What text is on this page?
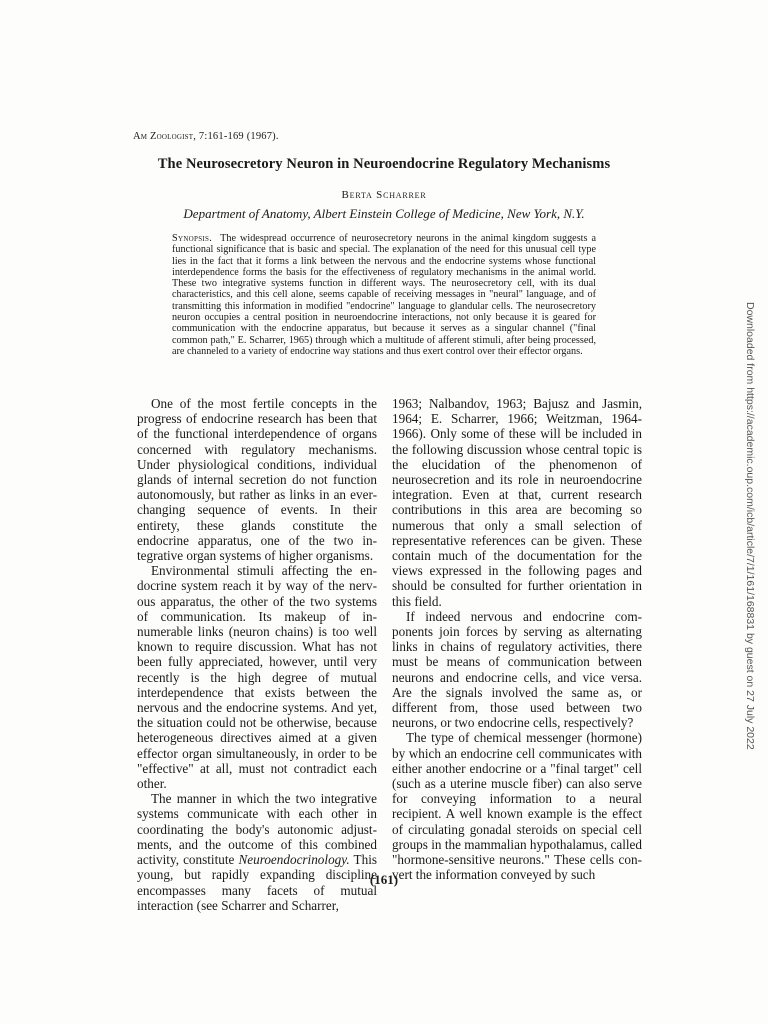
Am Zoologist, 7:161-169 (1967).
The Neurosecretory Neuron in Neuroendocrine Regulatory Mechanisms
Berta Scharrer
Department of Anatomy, Albert Einstein College of Medicine, New York, N.Y.
Synopsis. The widespread occurrence of neurosecretory neurons in the animal kingdom suggests a functional significance that is basic and special. The explanation of the need for this unusual cell type lies in the fact that it forms a link between the nervous and the endocrine systems whose functional interdependence forms the basis for the effectiveness of regulatory mechanisms in the animal world. These two integrative systems function in different ways. The neurosecretory cell, with its dual characteristics, and this cell alone, seems capable of receiving messages in "neural" language, and of transmitting this information in modified "endocrine" language to glandular cells. The neurosecretory neuron occupies a central position in neuroendocrine interactions, not only because it is geared for communication with the endocrine apparatus, but because it serves as a singular channel ("final common path," E. Scharrer, 1965) through which a multitude of afferent stimuli, after being processed, are channeled to a variety of endocrine way stations and thus exert control over their effector organs.

One of the most fertile concepts in the progress of endocrine research has been that of the functional interdependence of organs concerned with regulatory mechanisms. Under physiological conditions, individual glands of internal secretion do not function autonomously, but rather as links in an ever-changing sequence of events. In their entirety, these glands constitute the endocrine apparatus, one of the two integrative organ systems of higher organisms.

Environmental stimuli affecting the endocrine system reach it by way of the nervous apparatus, the other of the two systems of communication. Its makeup of innumerable links (neuron chains) is too well known to require discussion. What has not been fully appreciated, however, until very recently is the high degree of mutual interdependence that exists between the nervous and the endocrine systems. And yet, the situation could not be otherwise, because heterogeneous directives aimed at a given effector organ simultaneously, in order to be "effective" at all, must not contradict each other.

The manner in which the two integrative systems communicate with each other in coordinating the body's autonomic adjustments, and the outcome of this combined activity, constitute Neuroendocrinology. This young, but rapidly expanding discipline encompasses many facets of mutual interaction (see Scharrer and Scharrer,

1963; Nalbandov, 1963; Bajusz and Jasmin, 1964; E. Scharrer, 1966; Weitzman, 1964-1966). Only some of these will be included in the following discussion whose central topic is the elucidation of the phenomenon of neurosecretion and its role in neuroendocrine integration. Even at that, current research contributions in this area are becoming so numerous that only a small selection of representative references can be given. These contain much of the documentation for the views expressed in the following pages and should be consulted for further orientation in this field.

If indeed nervous and endocrine components join forces by serving as alternating links in chains of regulatory activities, there must be means of communication between neurons and endocrine cells, and vice versa. Are the signals involved the same as, or different from, those used between two neurons, or two endocrine cells, respectively?

The type of chemical messenger (hormone) by which an endocrine cell communicates with either another endocrine or a "final target" cell (such as a uterine muscle fiber) can also serve for conveying information to a neural recipient. A well known example is the effect of circulating gonadal steroids on special cell groups in the mammalian hypothalamus, called "hormone-sensitive neurons." These cells convert the information conveyed by such

(161)
Downloaded from https://academic.oup.com/icb/article/7/1/161/168831 by guest on 27 July 2022
